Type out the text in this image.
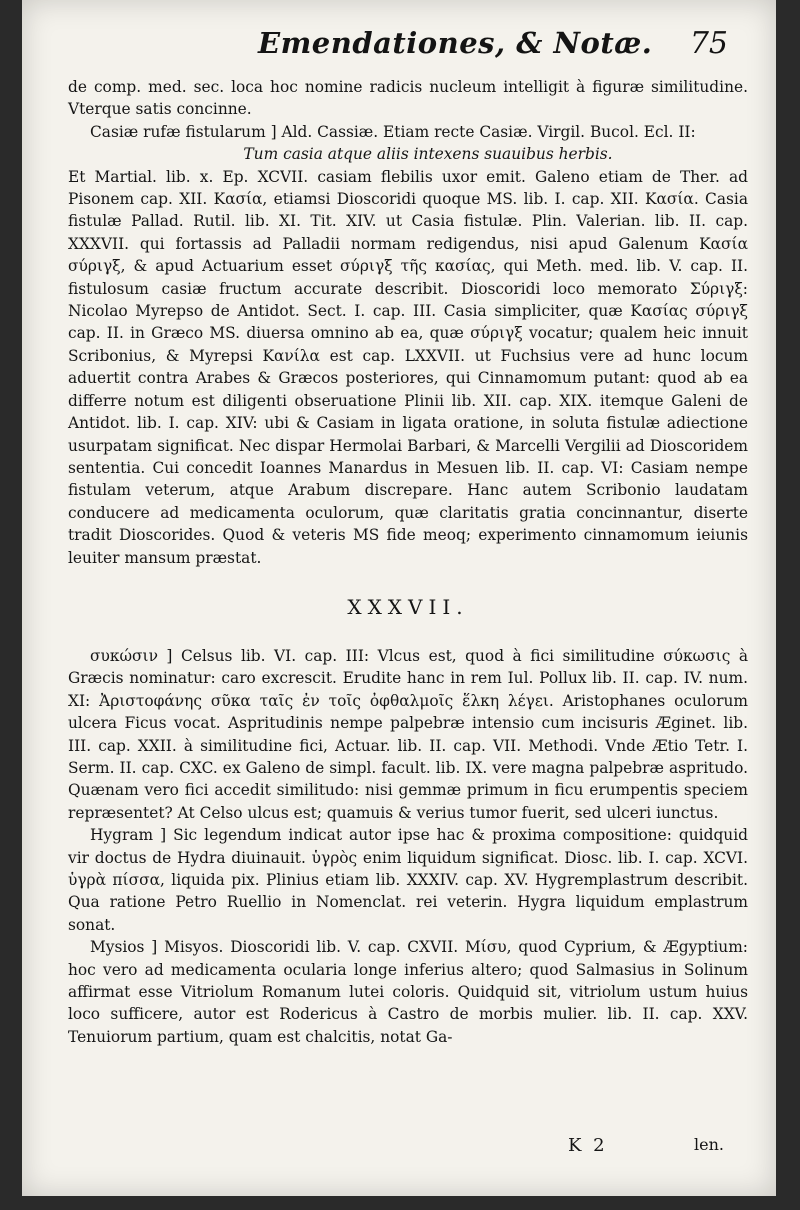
Emendationes, & Notæ. 75

de comp. med. sec. loca hoc nomine radicis nucleum intelligit à figuræ similitudine. Vterque satis concinne.

Casiæ rufæ fistularum ] Ald. Cassiæ. Etiam recte Casiæ. Virgil. Bucol. Ecl. II:

Tum casia atque aliis intexens suauibus herbis.

Et Martial. lib. x. Ep. XCVII. casiam flebilis uxor emit. Galeno etiam de Ther. ad Pisonem cap. XII. Κασία, etiamsi Dioscoridi quoque MS. lib. I. cap. XII. Κασία. Casia fistulæ Pallad. Rutil. lib. XI. Tit. XIV. ut Casia fistulæ. Plin. Valerian. lib. II. cap. XXXVII. qui fortassis ad Palladii normam redigendus, nisi apud Galenum Κασία σύριγξ, & apud Actuarium esset σύριγξ τῆς κασίας, qui Meth. med. lib. V. cap. II. fistulosum casiæ fructum accurate describit. Dioscoridi loco memorato Σύριγξ: Nicolao Myrepso de Antidot. Sect. I. cap. III. Casia simpliciter, quæ Κασίας σύριγξ cap. II. in Græco MS. diuersa omnino ab ea, quæ σύριγξ vocatur; qualem heic innuit Scribonius, & Myrepsi Κανίλα est cap. LXXVII. ut Fuchsius vere ad hunc locum aduertit contra Arabes & Græcos posteriores, qui Cinnamomum putant: quod ab ea differre notum est diligenti obseruatione Plinii lib. XII. cap. XIX. itemque Galeni de Antidot. lib. I. cap. XIV: ubi & Casiam in ligata oratione, in soluta fistulæ adiectione usurpatam significat. Nec dispar Hermolai Barbari, & Marcelli Vergilii ad Dioscoridem sententia. Cui concedit Ioannes Manardus in Mesuen lib. II. cap. VI: Casiam nempe fistulam veterum, atque Arabum discrepare. Hanc autem Scribonio laudatam conducere ad medicamenta oculorum, quæ claritatis gratia concinnantur, diserte tradit Dioscorides. Quod & veteris MS fide meoq; experimento cinnamomum ieiunis leuiter mansum præstat.

XXXVII.

συκώσιν ] Celsus lib. VI. cap. III: Vlcus est, quod à fici similitudine σύκωσις à Græcis nominatur: caro excrescit. Erudite hanc in rem Iul. Pollux lib. II. cap. IV. num. XI: Ἀριστοφάνης σῦκα ταῖς ἐν τοῖς ὀφθαλμοῖς ἕλκη λέγει. Aristophanes oculorum ulcera Ficus vocat. Aspritudinis nempe palpebræ intensio cum incisuris Æginet. lib. III. cap. XXII. à similitudine fici, Actuar. lib. II. cap. VII. Methodi. Vnde Ætio Tetr. I. Serm. II. cap. CXC. ex Galeno de simpl. facult. lib. IX. vere magna palpebræ aspritudo. Quænam vero fici accedit similitudo: nisi gemmæ primum in ficu erumpentis speciem repræsentet? At Celso ulcus est; quamuis & verius tumor fuerit, sed ulceri iunctus.

Hygram ] Sic legendum indicat autor ipse hac & proxima compositione: quidquid vir doctus de Hydra diuinauit. ὑγρὸς enim liquidum significat. Diosc. lib. I. cap. XCVI. ὑγρὰ πίσσα, liquida pix. Plinius etiam lib. XXXIV. cap. XV. Hygremplastrum describit. Qua ratione Petro Ruellio in Nomenclat. rei veterin. Hygra liquidum emplastrum sonat.

Mysios ] Misyos. Dioscoridi lib. V. cap. CXVII. Μίσυ, quod Cyprium, & Ægyptium: hoc vero ad medicamenta ocularia longe inferius altero; quod Salmasius in Solinum affirmat esse Vitriolum Romanum lutei coloris. Quidquid sit, vitriolum ustum huius loco sufficere, autor est Rodericus à Castro de morbis mulier. lib. II. cap. XXV. Tenuiorum partium, quam est chalcitis, notat Ga-

K 2	len.
